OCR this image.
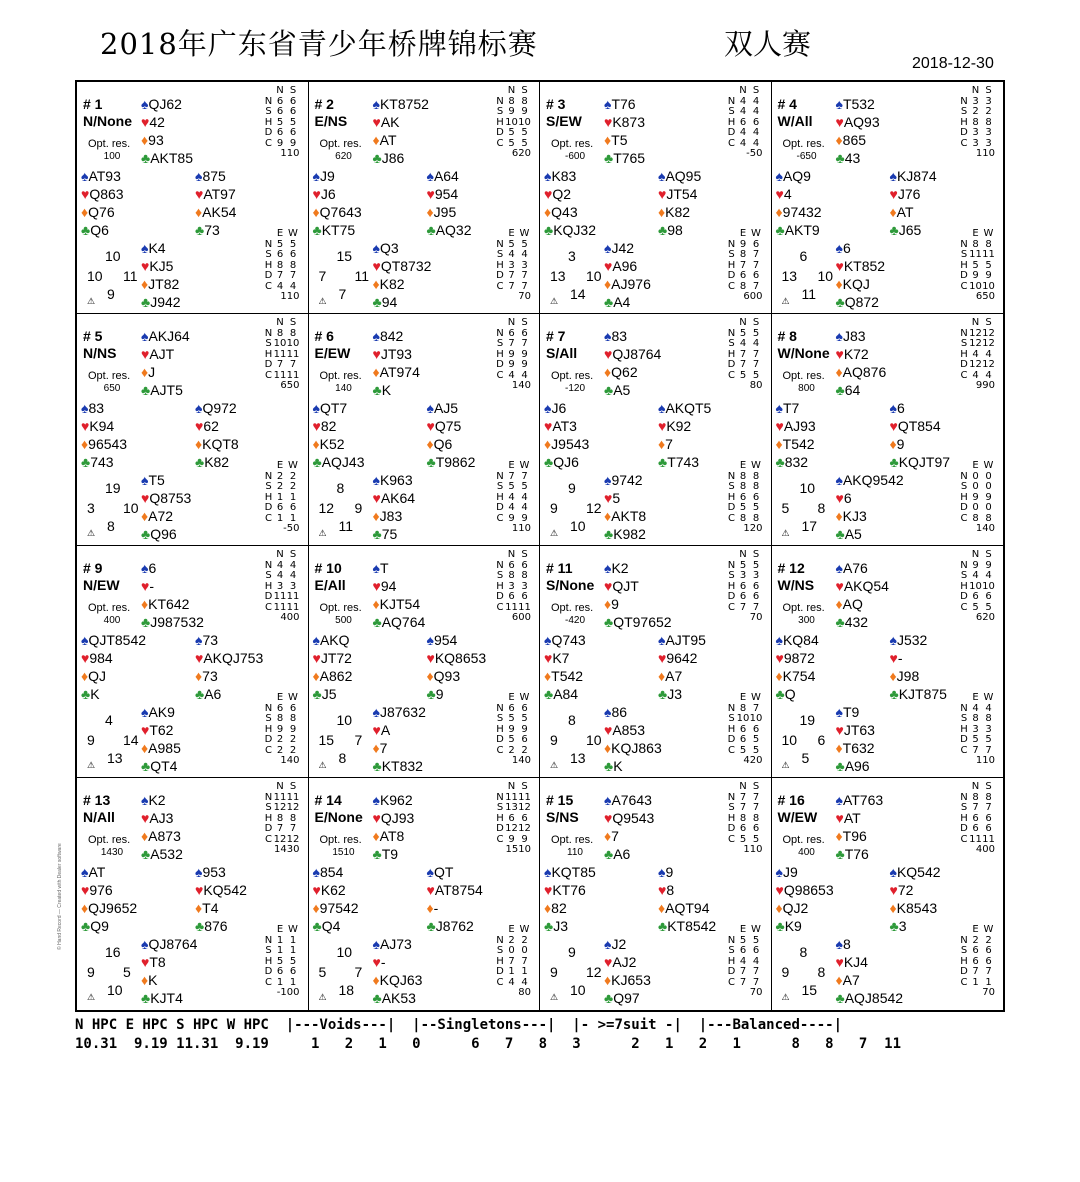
2018年广东省青少年桥牌锦标赛	双人赛
2018-12-30
# 1
N/None
Opt. res.
100
♠QJ62
♥42
♦93
♣AKT85
♠AT93
♥Q863
♦Q76
♣Q6
♠875
♥AT97
♦AK54
♣73
♠K4
♥KJ5
♦JT82
♣J942
10
10 11
9
⚠
N S
N 6 6
S 6 6
H 5 5
D 6 6
C 9 9
110
E W
N 5 5
S 6 6
H 8 8
D 7 7
C 4 4
110
# 2
E/NS
Opt. res.
620
♠KT8752
♥AK
♦AT
♣J86
♠J9
♥J6
♦Q7643
♣KT75
♠A64
♥954
♦J95
♣AQ32
♠Q3
♥QT8732
♦K82
♣94
15
7 11
7
⚠
N S
N 8 8
S 9 9
H 10 10
D 5 5
C 5 5
620
E W
N 5 5
S 4 4
H 3 3
D 7 7
C 7 7
70
# 3
S/EW
Opt. res.
-600
♠T76
♥K873
♦T5
♣T765
♠K83
♥Q2
♦Q43
♣KQJ32
♠AQ95
♥JT54
♦K82
♣98
♠J42
♥A96
♦AJ976
♣A4
3
13 10
14
⚠
N S
N 4 4
S 4 4
H 6 6
D 4 4
C 4 4
-50
E W
N 9 6
S 8 7
H 7 7
D 6 6
C 8 7
600
# 4
W/All
Opt. res.
-650
♠T532
♥AQ93
♦865
♣43
♠AQ9
♥4
♦97432
♣AKT9
♠KJ874
♥J76
♦AT
♣J65
♠6
♥KT852
♦KQJ
♣Q872
6
13 10
11
⚠
N S
N 3 3
S 2 2
H 8 8
D 3 3
C 3 3
110
E W
N 8 8
S 11 11
H 5 5
D 9 9
C 10 10
650
# 5
N/NS
Opt. res.
650
♠AKJ64
♥AJT
♦J
♣AJT5
♠83
♥K94
♦96543
♣743
♠Q972
♥62
♦KQT8
♣K82
♠T5
♥Q8753
♦A72
♣Q96
19
3 10
8
⚠
N S
N 8 8
S 10 10
H 11 11
D 7 7
C 11 11
650
E W
N 2 2
S 2 2
H 1 1
D 6 6
C 1 1
-50
# 6
E/EW
Opt. res.
140
♠842
♥JT93
♦AT974
♣K
♠QT7
♥82
♦K52
♣AQJ43
♠AJ5
♥Q75
♦Q6
♣T9862
♠K963
♥AK64
♦J83
♣75
8
12 9
11
⚠
N S
N 6 6
S 7 7
H 9 9
D 9 9
C 4 4
140
E W
N 7 7
S 5 5
H 4 4
D 4 4
C 9 9
110
# 7
S/All
Opt. res.
-120
♠83
♥QJ8764
♦Q62
♣A5
♠J6
♥AT3
♦J9543
♣QJ6
♠AKQT5
♥K92
♦7
♣T743
♠9742
♥5
♦AKT8
♣K982
9
9 12
10
⚠
N S
N 5 5
S 4 4
H 7 7
D 7 7
C 5 5
80
E W
N 8 8
S 8 8
H 6 6
D 5 5
C 8 8
120
# 8
W/None
Opt. res.
800
♠J83
♥K72
♦AQ876
♣64
♠T7
♥AJ93
♦T542
♣832
♠6
♥QT854
♦9
♣KQJT97
♠AKQ9542
♥6
♦KJ3
♣A5
10
5 8
17
⚠
N S
N 12 12
S 12 12
H 4 4
D 12 12
C 4 4
990
E W
N 0 0
S 0 0
H 9 9
D 0 0
C 8 8
140
# 9
N/EW
Opt. res.
400
♠6
♥-
♦KT642
♣J987532
♠QJT8542
♥984
♦QJ
♣K
♠73
♥AKQJ753
♦73
♣A6
♠AK9
♥T62
♦A985
♣QT4
4
9 14
13
⚠
N S
N 4 4
S 4 4
H 3 3
D 11 11
C 11 11
400
E W
N 6 6
S 8 8
H 9 9
D 2 2
C 2 2
140
# 10
E/All
Opt. res.
500
♠T
♥94
♦KJT54
♣AQ764
♠AKQ
♥JT72
♦A862
♣J5
♠954
♥KQ8653
♦Q93
♣9
♠J87632
♥A
♦7
♣KT832
10
15 7
8
⚠
N S
N 6 6
S 8 8
H 3 3
D 6 6
C 11 11
600
E W
N 6 6
S 5 5
H 9 9
D 5 6
C 2 2
140
# 11
S/None
Opt. res.
-420
♠K2
♥QJT
♦9
♣QT97652
♠Q743
♥K7
♦T542
♣A84
♠AJT95
♥9642
♦A7
♣J3
♠86
♥A853
♦KQJ863
♣K
8
9 10
13
⚠
N S
N 5 5
S 3 3
H 6 6
D 6 6
C 7 7
70
E W
N 8 7
S 10 10
H 6 6
D 6 5
C 5 5
420
# 12
W/NS
Opt. res.
300
♠A76
♥AKQ54
♦AQ
♣432
♠KQ84
♥9872
♦K754
♣Q
♠J532
♥-
♦J98
♣KJT875
♠T9
♥JT63
♦T632
♣A96
19
10 6
5
⚠
N S
N 9 9
S 4 4
H 10 10
D 6 6
C 5 5
620
E W
N 4 4
S 8 8
H 3 3
D 5 5
C 7 7
110
# 13
N/All
Opt. res.
1430
♠K2
♥AJ3
♦A873
♣A532
♠AT
♥976
♦QJ9652
♣Q9
♠953
♥KQ542
♦T4
♣876
♠QJ8764
♥T8
♦K
♣KJT4
16
9 5
10
⚠
N S
N 11 11
S 12 12
H 8 8
D 7 7
C 12 12
1430
E W
N 1 1
S 1 1
H 5 5
D 6 6
C 1 1
-100
# 14
E/None
Opt. res.
1510
♠K962
♥QJ93
♦AT8
♣T9
♠854
♥K62
♦97542
♣Q4
♠QT
♥AT8754
♦-
♣J8762
♠AJ73
♥-
♦KQJ63
♣AK53
10
5 7
18
⚠
N S
N 11 11
S 13 12
H 6 6
D 12 12
C 9 9
1510
E W
N 2 2
S 0 0
H 7 7
D 1 1
C 4 4
80
# 15
S/NS
Opt. res.
110
♠A7643
♥Q9543
♦7
♣A6
♠KQT85
♥KT76
♦82
♣J3
♠9
♥8
♦AQT94
♣KT8542
♠J2
♥AJ2
♦KJ653
♣Q97
9
9 12
10
⚠
N S
N 7 7
S 7 7
H 8 8
D 6 6
C 5 5
110
E W
N 5 5
S 6 6
H 4 4
D 7 7
C 7 7
70
# 16
W/EW
Opt. res.
400
♠AT763
♥AT
♦T96
♣T76
♠J9
♥Q98653
♦QJ2
♣K9
♠KQ542
♥72
♦K8543
♣3
♠8
♥KJ4
♦A7
♣AQJ8542
8
9 8
15
⚠
N S
N 8 8
S 7 7
H 6 6
D 6 6
C 11 11
400
E W
N 2 2
S 6 6
H 6 6
D 7 7
C 1 1
70
N HPC E HPC S HPC W HPC  |---Voids---|  |--Singletons---|  |- >=7suit -|  |---Balanced----|
10.31  9.19 11.31  9.19     1   2   1   0      6   7   8   3      2   1   2   1      8   8   7  11
© Hand Record — Created with Dealer software
